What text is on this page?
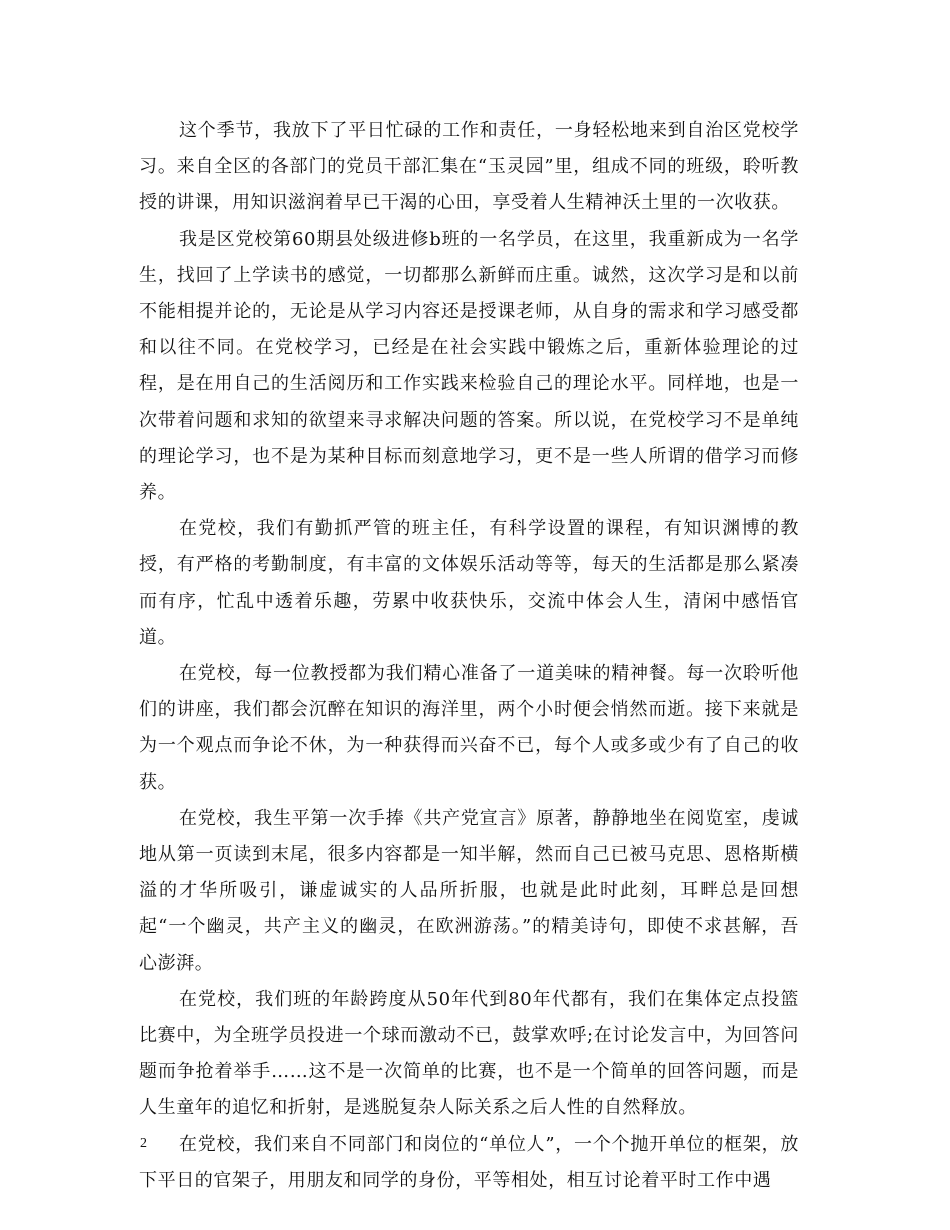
这个季节，我放下了平日忙碌的工作和责任，一身轻松地来到自治区党校学习。来自全区的各部门的党员干部汇集在“玉灵园”里，组成不同的班级，聆听教授的讲课，用知识滋润着早已干渴的心田，享受着人生精神沃土里的一次收获。

我是区党校第60期县处级进修b班的一名学员，在这里，我重新成为一名学生，找回了上学读书的感觉，一切都那么新鲜而庄重。诚然，这次学习是和以前不能相提并论的，无论是从学习内容还是授课老师，从自身的需求和学习感受都和以往不同。在党校学习，已经是在社会实践中锻炼之后，重新体验理论的过程，是在用自己的生活阅历和工作实践来检验自己的理论水平。同样地，也是一次带着问题和求知的欲望来寻求解决问题的答案。所以说，在党校学习不是单纯的理论学习，也不是为某种目标而刻意地学习，更不是一些人所谓的借学习而修养。

在党校，我们有勤抓严管的班主任，有科学设置的课程，有知识渊博的教授，有严格的考勤制度，有丰富的文体娱乐活动等等，每天的生活都是那么紧凑而有序，忙乱中透着乐趣，劳累中收获快乐，交流中体会人生，清闲中感悟官道。

在党校，每一位教授都为我们精心准备了一道美味的精神餐。每一次聆听他们的讲座，我们都会沉醉在知识的海洋里，两个小时便会悄然而逝。接下来就是为一个观点而争论不休，为一种获得而兴奋不已，每个人或多或少有了自己的收获。

在党校，我生平第一次手捧《共产党宣言》原著，静静地坐在阅览室，虔诚地从第一页读到末尾，很多内容都是一知半解，然而自己已被马克思、恩格斯横溢的才华所吸引，谦虚诚实的人品所折服，也就是此时此刻，耳畔总是回想起“一个幽灵，共产主义的幽灵，在欧洲游荡。”的精美诗句，即使不求甚解，吾心澎湃。

在党校，我们班的年龄跨度从50年代到80年代都有，我们在集体定点投篮比赛中，为全班学员投进一个球而激动不已，鼓掌欢呼;在讨论发言中，为回答问题而争抢着举手……这不是一次简单的比赛，也不是一个简单的回答问题，而是人生童年的追忆和折射，是逃脱复杂人际关系之后人性的自然释放。

在党校，我们来自不同部门和岗位的“单位人”，一个个抛开单位的框架，放下平日的官架子，用朋友和同学的身份，平等相处，相互讨论着平时工作中遇

2
